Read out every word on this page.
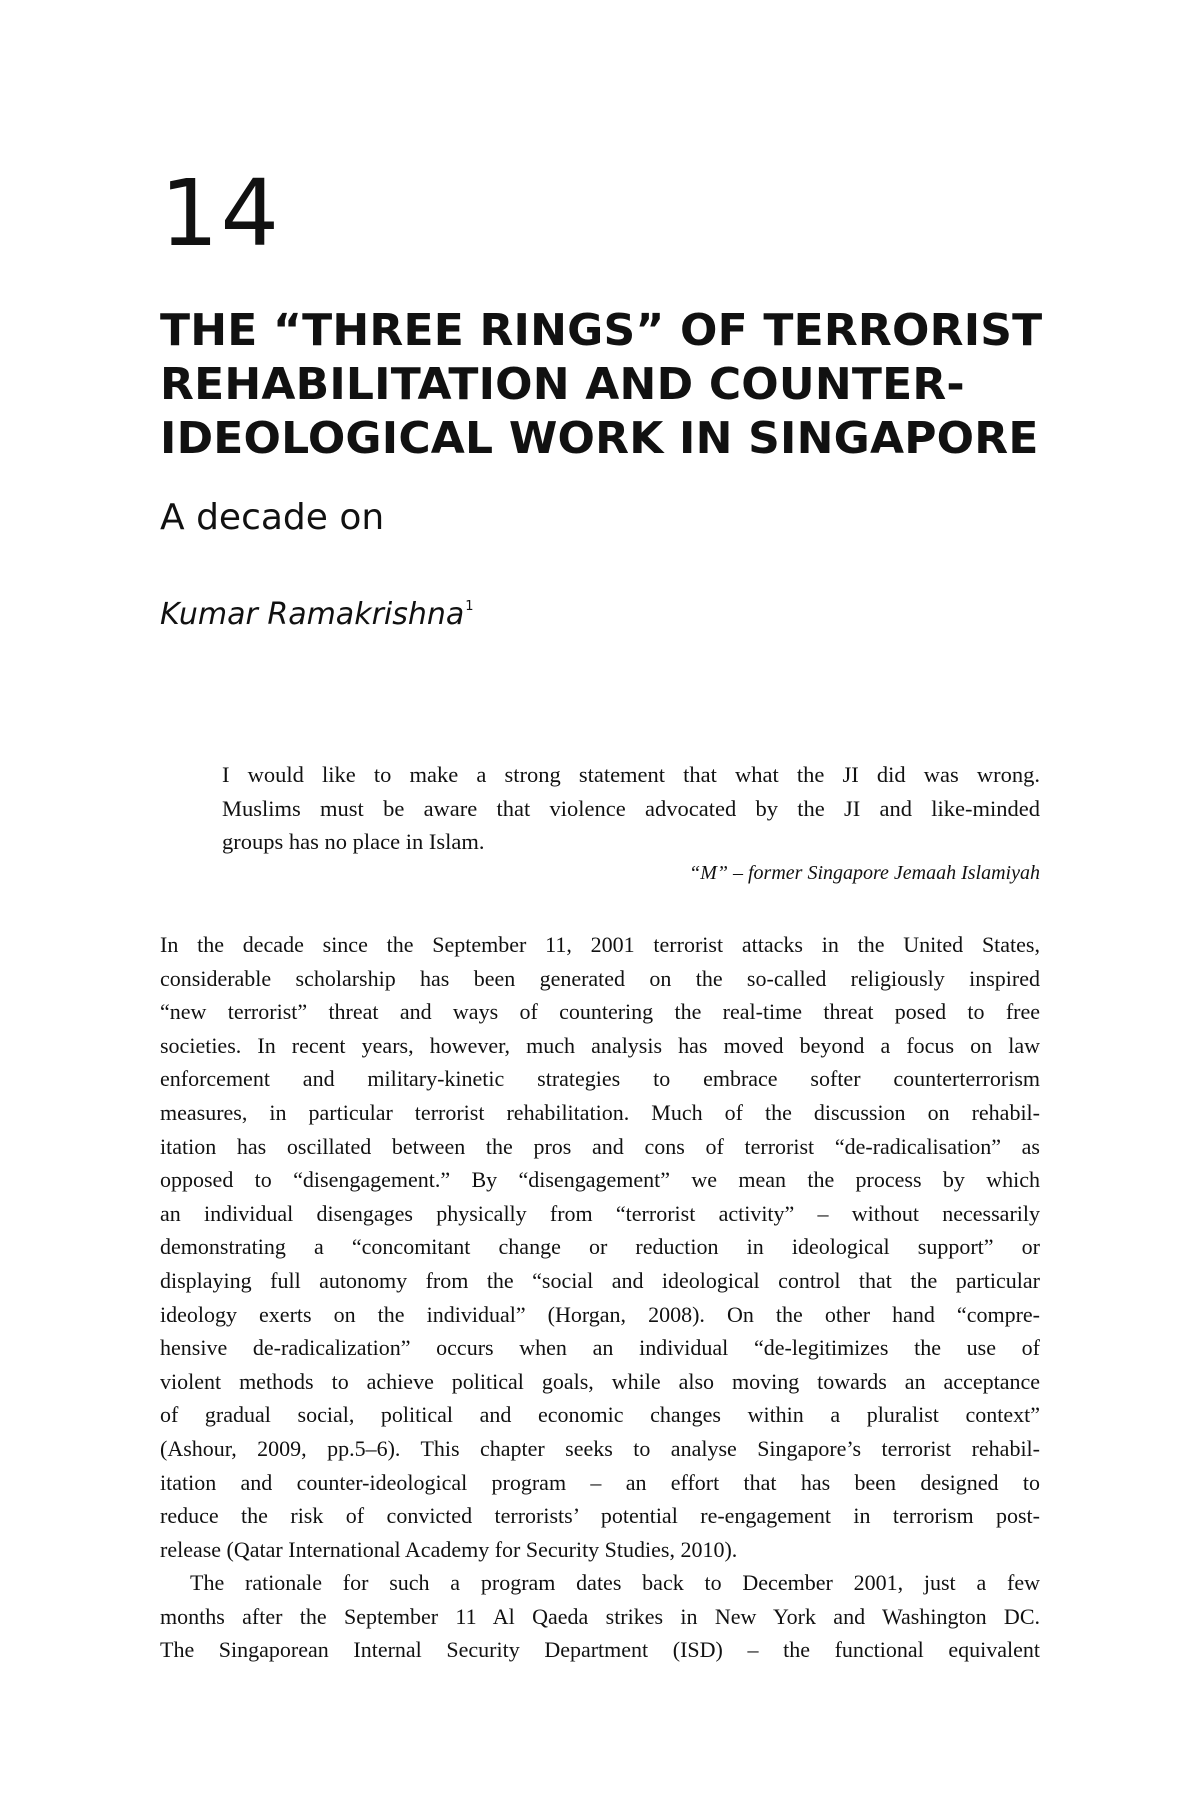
14
THE “THREE RINGS” OF TERRORIST
REHABILITATION AND COUNTER-
IDEOLOGICAL WORK IN SINGAPORE
A decade on
Kumar Ramakrishna$^1$
I would like to make a strong statement that what the JI did was wrong.
Muslims must be aware that violence advocated by the JI and like-minded
groups has no place in Islam.
“M” – former Singapore Jemaah Islamiyah
In the decade since the September 11, 2001 terrorist attacks in the United States,
considerable scholarship has been generated on the so-called religiously inspired
“new terrorist” threat and ways of countering the real-time threat posed to free
societies. In recent years, however, much analysis has moved beyond a focus on law
enforcement and military-kinetic strategies to embrace softer counterterrorism
measures, in particular terrorist rehabilitation. Much of the discussion on rehabil-
itation has oscillated between the pros and cons of terrorist “de-radicalisation” as
opposed to “disengagement.” By “disengagement” we mean the process by which
an individual disengages physically from “terrorist activity” – without necessarily
demonstrating a “concomitant change or reduction in ideological support” or
displaying full autonomy from the “social and ideological control that the particular
ideology exerts on the individual” (Horgan, 2008). On the other hand “compre-
hensive de-radicalization” occurs when an individual “de-legitimizes the use of
violent methods to achieve political goals, while also moving towards an acceptance
of gradual social, political and economic changes within a pluralist context”
(Ashour, 2009, pp.5–6). This chapter seeks to analyse Singapore’s terrorist rehabil-
itation and counter-ideological program – an effort that has been designed to
reduce the risk of convicted terrorists’ potential re-engagement in terrorism post-
release (Qatar International Academy for Security Studies, 2010).
The rationale for such a program dates back to December 2001, just a few
months after the September 11 Al Qaeda strikes in New York and Washington DC.
The Singaporean Internal Security Department (ISD) – the functional equivalent
